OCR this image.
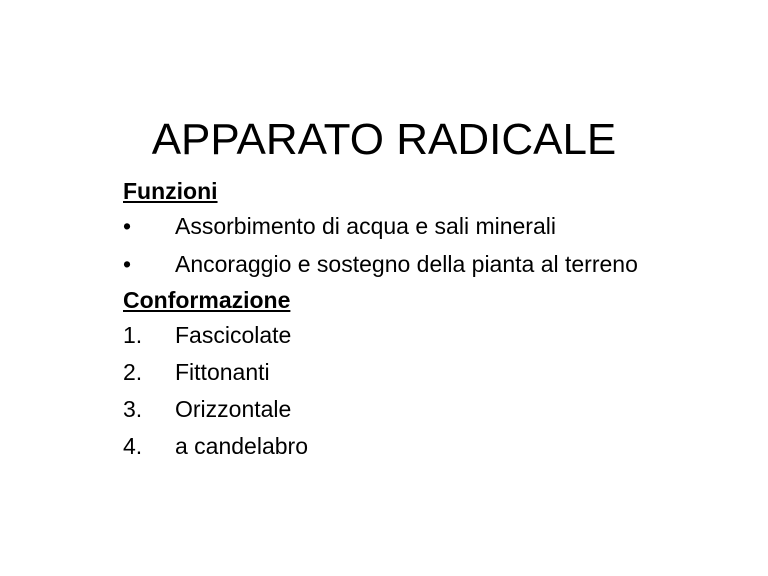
APPARATO RADICALE
Funzioni
•	Assorbimento di acqua e sali minerali
•	Ancoraggio e sostegno della pianta al terreno
Conformazione
1.	Fascicolate
2.	Fittonanti
3.	Orizzontale
4.	a candelabro
